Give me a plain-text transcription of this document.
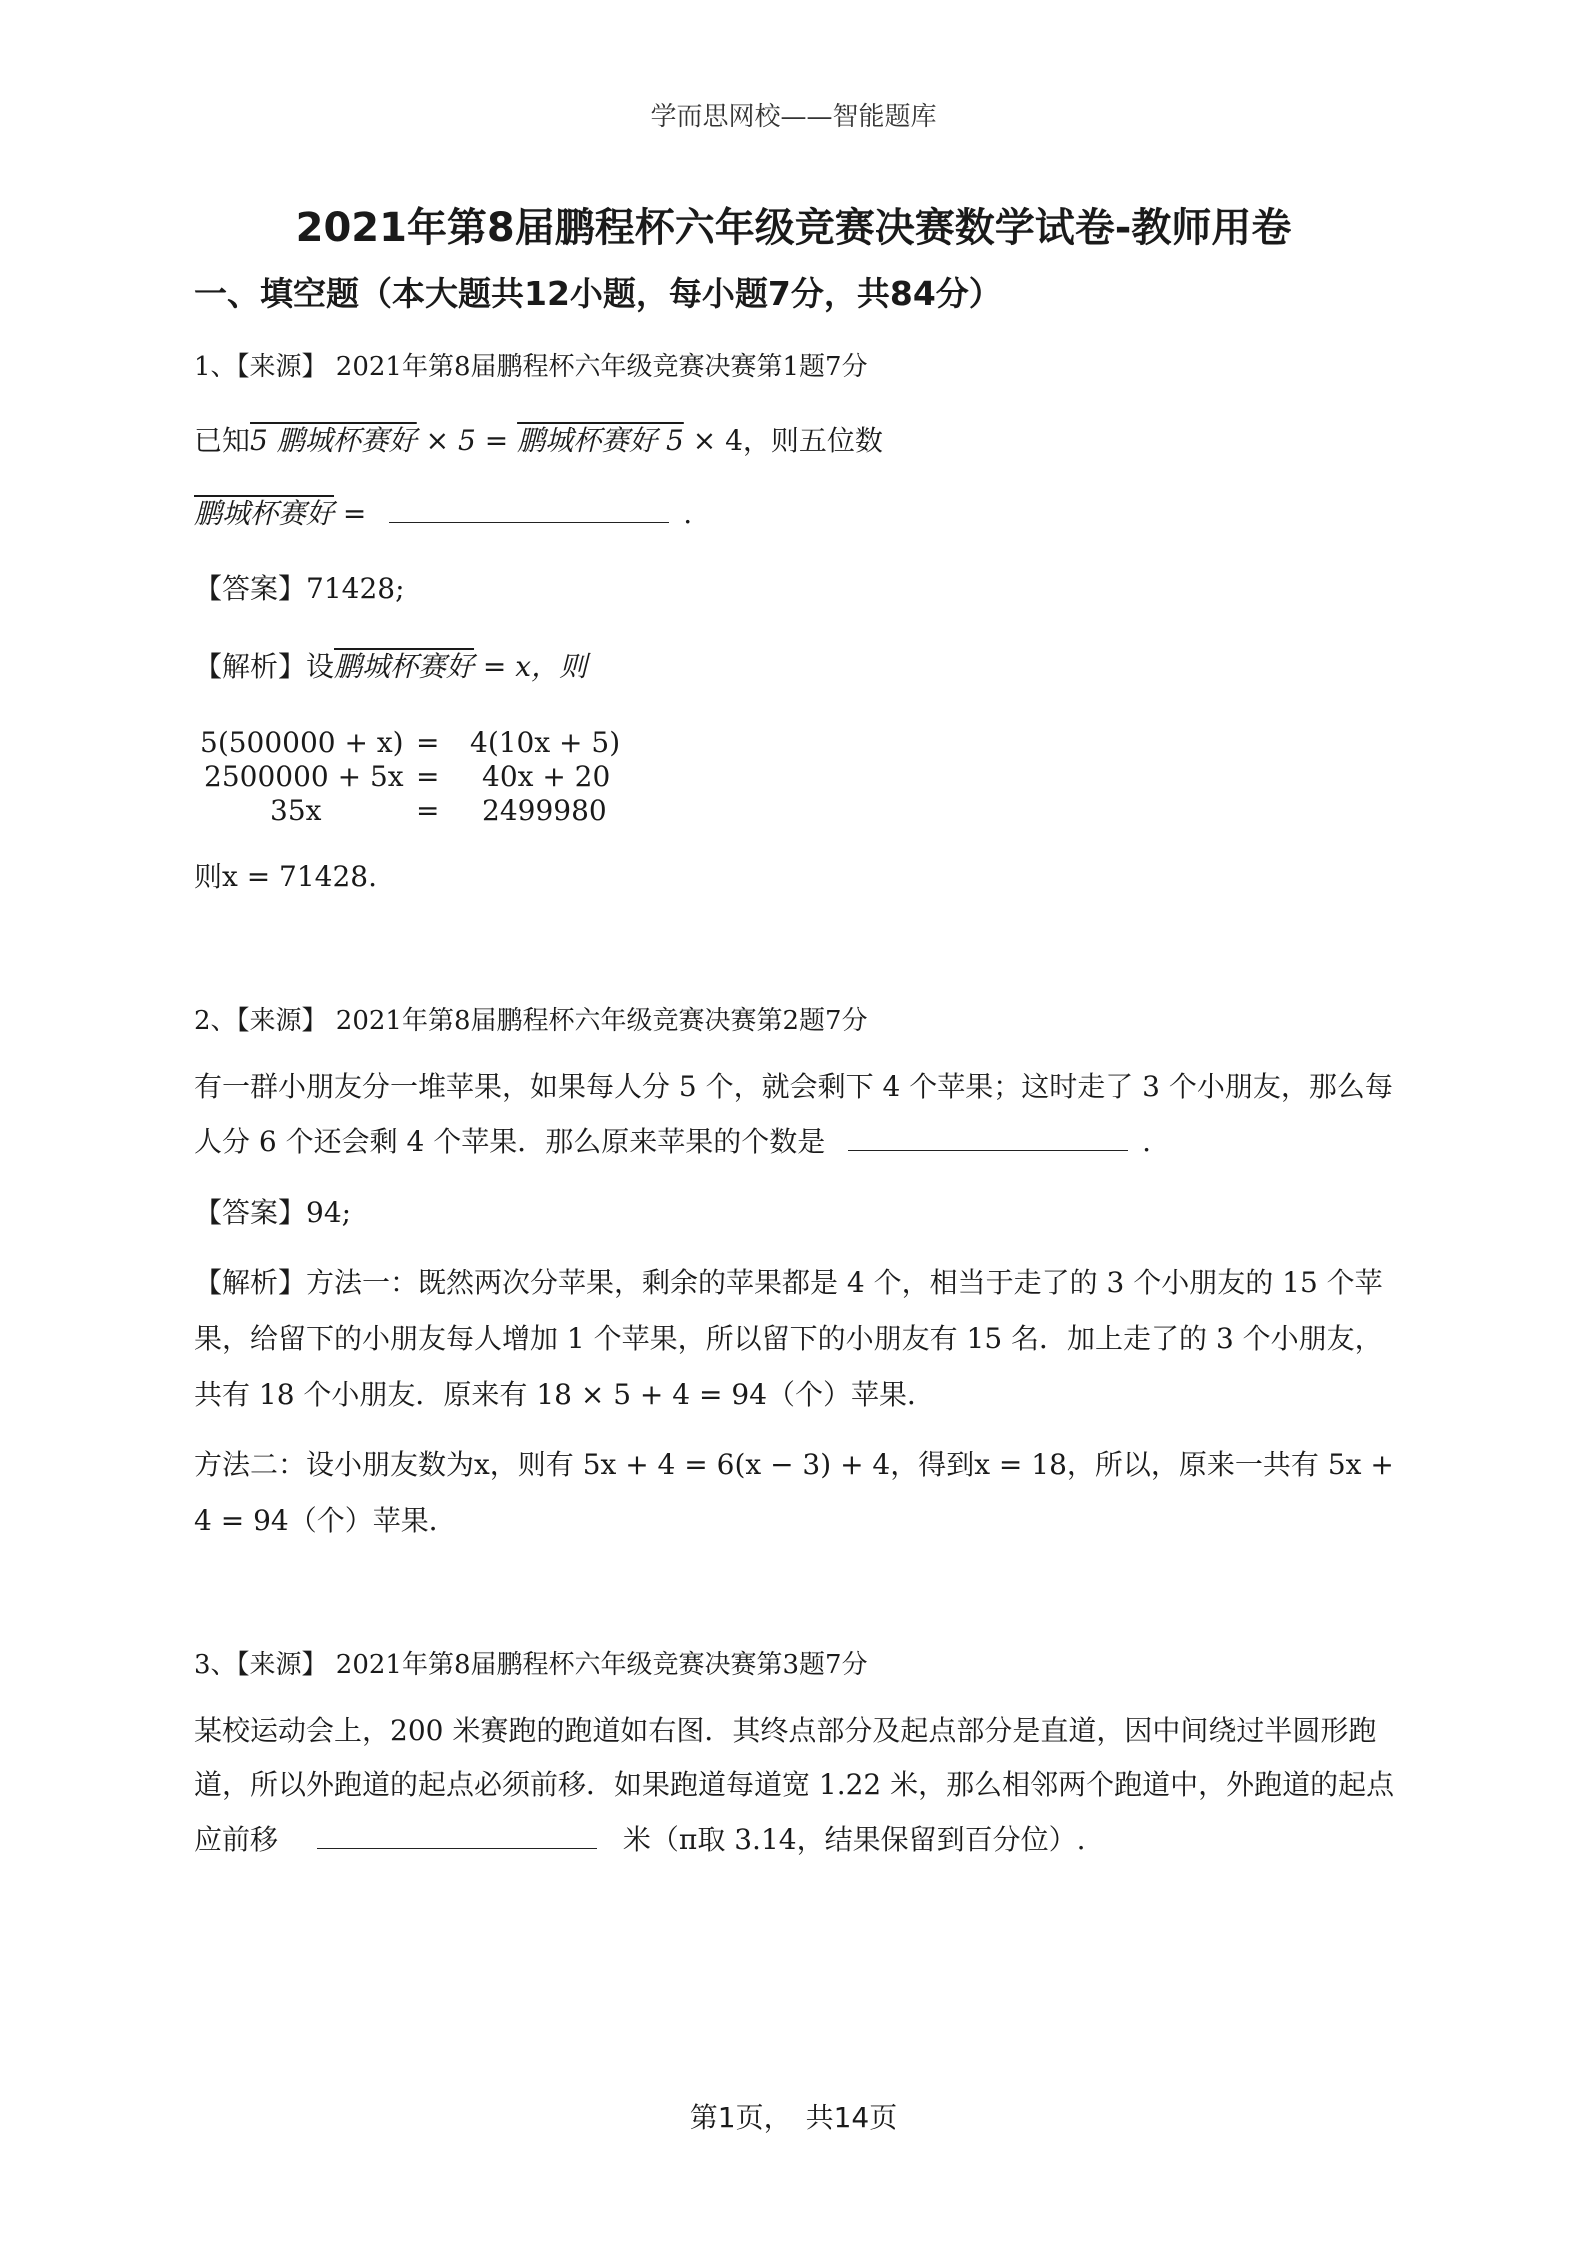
学而思网校——智能题库
2021年第8届鹏程杯六年级竞赛决赛数学试卷-教师用卷
一、填空题（本大题共12小题，每小题7分，共84分）
1、【来源】 2021年第8届鹏程杯六年级竞赛决赛第1题7分
已知5 鹏城杯赛好 × 5 = 鹏城杯赛好 5 × 4，则五位数
鹏城杯赛好 =	.
【答案】71428;
【解析】设鹏城杯赛好 = x，则
5(500000 + x) = 4(10x + 5)
2500000 + 5x = 40x + 20
35x	= 2499980
则x = 71428.
2、【来源】 2021年第8届鹏程杯六年级竞赛决赛第2题7分
有一群小朋友分一堆苹果，如果每人分 5 个，就会剩下 4 个苹果；这时走了 3 个小朋友，那么每
人分 6 个还会剩 4 个苹果．那么原来苹果的个数是	.
【答案】94;
【解析】方法一：既然两次分苹果，剩余的苹果都是 4 个，相当于走了的 3 个小朋友的 15 个苹
果，给留下的小朋友每人增加 1 个苹果，所以留下的小朋友有 15 名．加上走了的 3 个小朋友，
共有 18 个小朋友．原来有 18 × 5 + 4 = 94（个）苹果．
方法二：设小朋友数为x，则有 5x + 4 = 6(x − 3) + 4，得到x = 18，所以，原来一共有 5x +
4 = 94（个）苹果．
3、【来源】 2021年第8届鹏程杯六年级竞赛决赛第3题7分
某校运动会上，200 米赛跑的跑道如右图．其终点部分及起点部分是直道，因中间绕过半圆形跑
道，所以外跑道的起点必须前移．如果跑道每道宽 1.22 米，那么相邻两个跑道中，外跑道的起点
应前移	米（π取 3.14，结果保留到百分位）.
第1页，　共14页
